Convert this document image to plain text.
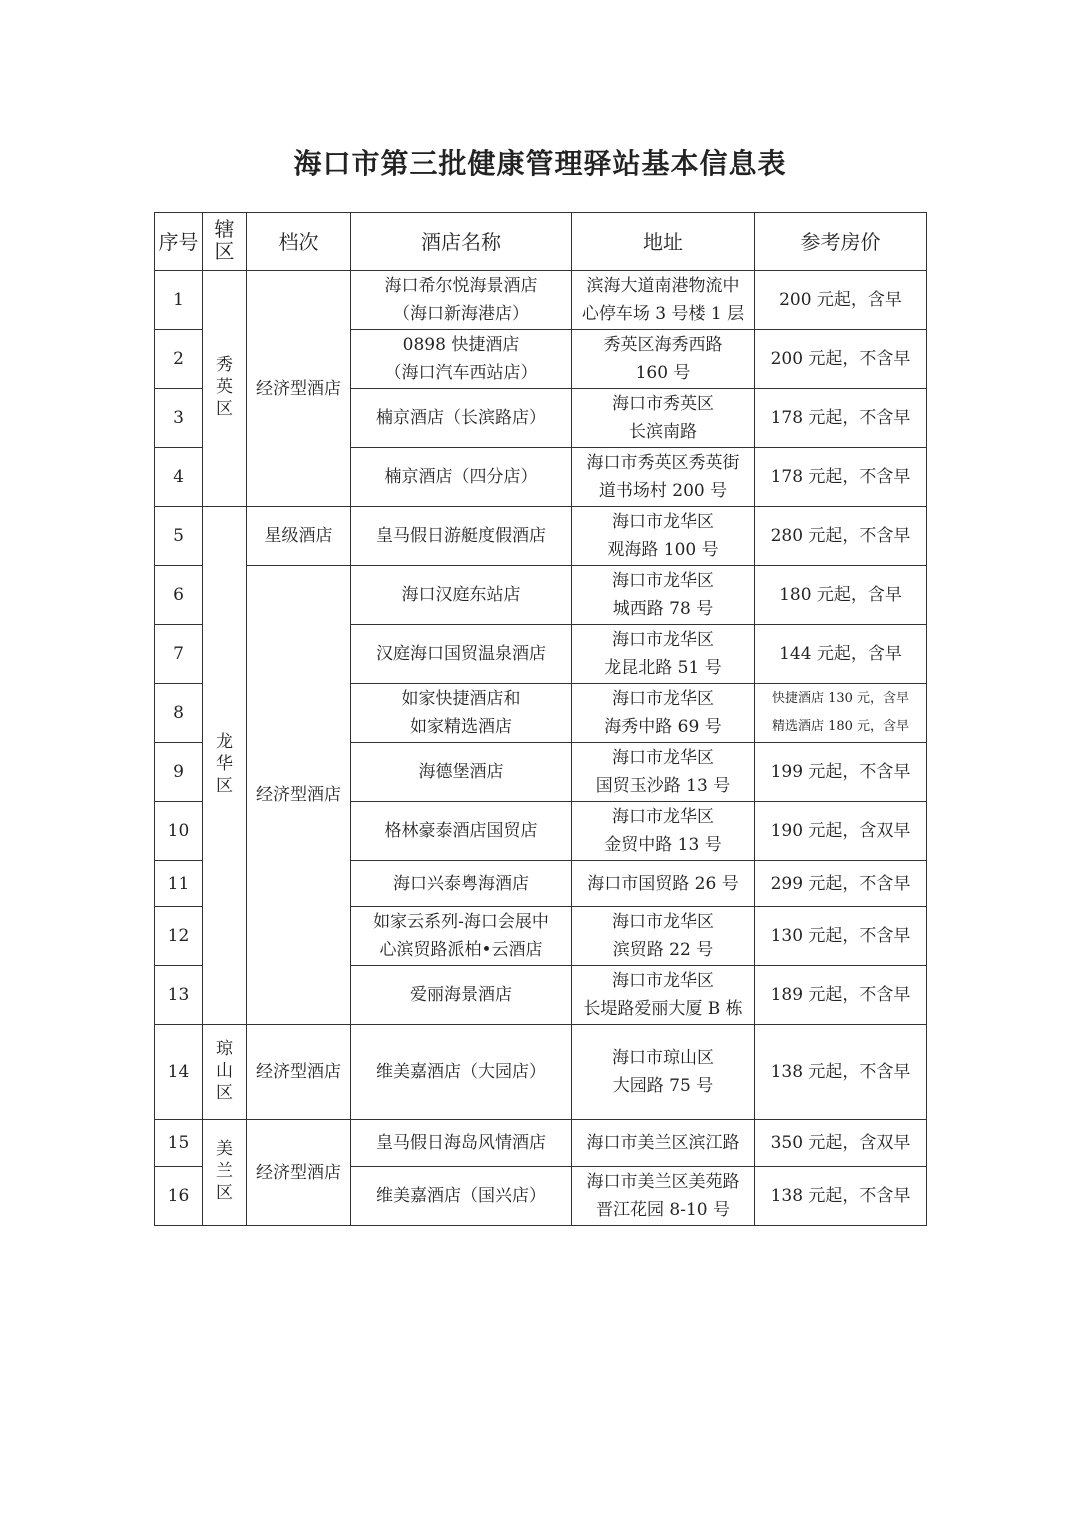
海口市第三批健康管理驿站基本信息表
序号	辖区	档次	酒店名称	地址	参考房价
1	秀英区	经济型酒店	海口希尔悦海景酒店
（海口新海港店）	滨海大道南港物流中
心停车场 3 号楼 1 层	200 元起，含早

2			0898 快捷酒店
（海口汽车西站店）	秀英区海秀西路
160 号	200 元起，不含早

3			楠京酒店（长滨路店）	海口市秀英区
长滨南路	178 元起，不含早

4			楠京酒店（四分店）	海口市秀英区秀英街
道书场村 200 号	178 元起，不含早

5	龙华区	星级酒店	皇马假日游艇度假酒店	海口市龙华区
观海路 100 号	280 元起，不含早

6		经济型酒店	海口汉庭东站店	海口市龙华区
城西路 78 号	180 元起，含早

7			汉庭海口国贸温泉酒店	海口市龙华区
龙昆北路 51 号	144 元起，含早

8			如家快捷酒店和
如家精选酒店	海口市龙华区
海秀中路 69 号	快捷酒店 130 元，含早
精选酒店 180 元，含早

9			海德堡酒店	海口市龙华区
国贸玉沙路 13 号	199 元起，不含早

10			格林豪泰酒店国贸店	海口市龙华区
金贸中路 13 号	190 元起，含双早

11			海口兴泰粤海酒店	海口市国贸路 26 号	299 元起，不含早

12			如家云系列-海口会展中
心滨贸路派柏•云酒店	海口市龙华区
滨贸路 22 号	130 元起，不含早

13			爱丽海景酒店	海口市龙华区
长堤路爱丽大厦 B 栋	189 元起，不含早

14	琼山区	经济型酒店	维美嘉酒店（大园店）	海口市琼山区
大园路 75 号	138 元起，不含早

15	美兰区	经济型酒店	皇马假日海岛风情酒店	海口市美兰区滨江路	350 元起，含双早

16			维美嘉酒店（国兴店）	海口市美兰区美苑路
晋江花园 8-10 号	138 元起，不含早
